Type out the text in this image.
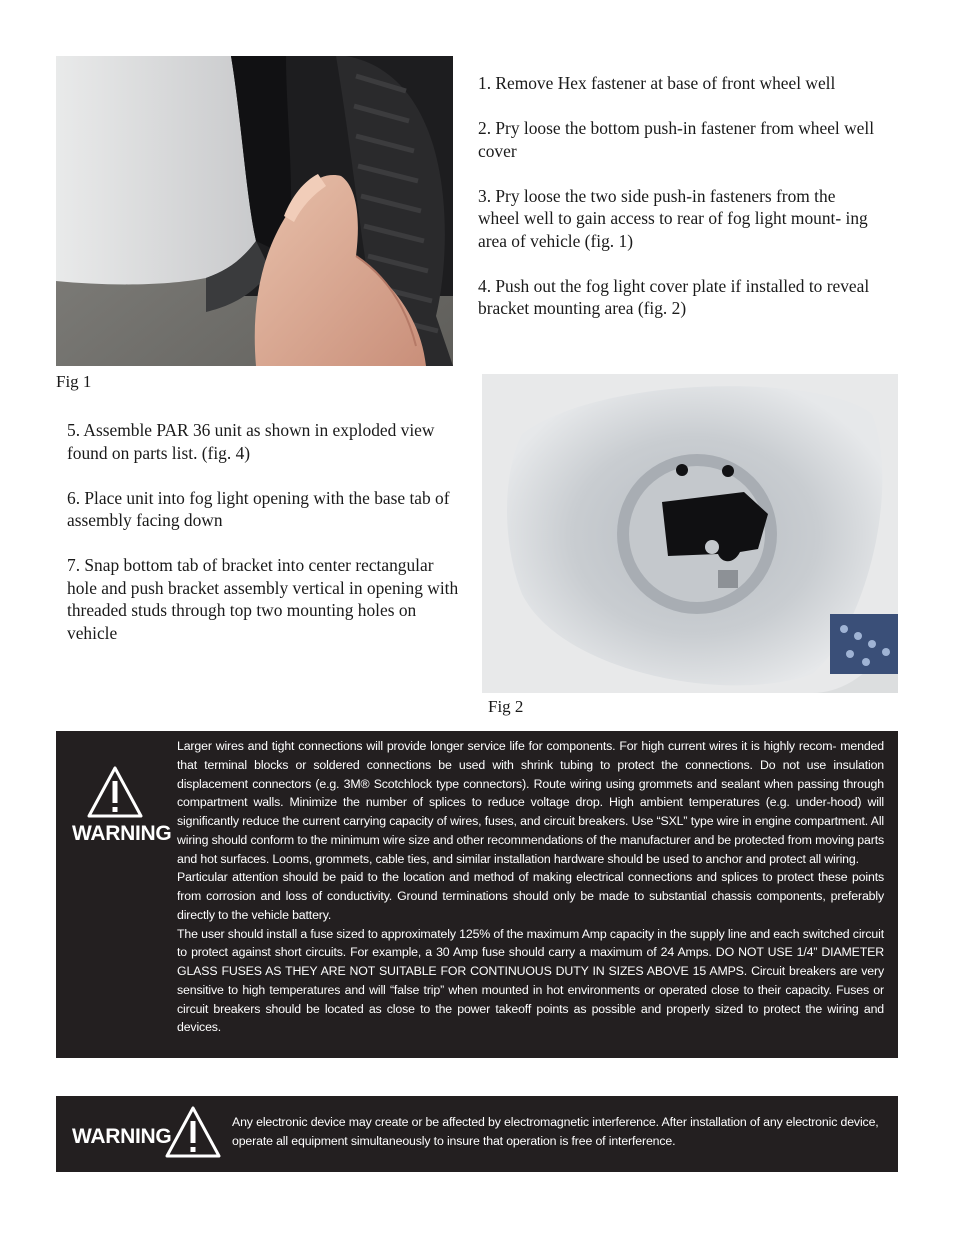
Fig 1
1. Remove Hex fastener at base of front wheel well
2. Pry loose the bottom push-in fastener from wheel well cover
3. Pry loose the two side push-in fasteners from the wheel well to gain access to rear of fog light mount- ing area of vehicle (fig. 1)
4. Push out the fog light cover plate if installed to reveal bracket mounting area (fig. 2)
5. Assemble PAR 36 unit as shown in exploded view found on parts list. (fig. 4)
6. Place unit into fog light opening with the base tab of assembly facing down
7. Snap bottom tab of bracket into center rectangular hole and push bracket assembly vertical in opening with threaded studs through top two mounting holes on vehicle
Fig 2
WARNING

Larger wires and tight connections will provide longer service life for components. For high current wires it is highly recom- mended that terminal blocks or soldered connections be used with shrink tubing to protect the connections. Do not use insulation displacement connectors (e.g. 3M® Scotchlock type connectors). Route wiring using grommets and sealant when passing through compartment walls. Minimize the number of splices to reduce voltage drop. High ambient temperatures (e.g. under-hood) will significantly reduce the current carrying capacity of wires, fuses, and circuit breakers. Use “SXL” type wire in engine compartment. All wiring should conform to the minimum wire size and other recommendations of the manufacturer and be protected from moving parts and hot surfaces. Looms, grommets, cable ties, and similar installation hardware should be used to anchor and protect all wiring.

Particular attention should be paid to the location and method of making electrical connections and splices to protect these points from corrosion and loss of conductivity. Ground terminations should only be made to substantial chassis components, preferably directly to the vehicle battery.

The user should install a fuse sized to approximately 125% of the maximum Amp capacity in the supply line and each switched circuit to protect against short circuits. For example, a 30 Amp fuse should carry a maximum of 24 Amps. DO NOT USE 1/4” DIAMETER GLASS FUSES AS THEY ARE NOT SUITABLE FOR CONTINUOUS DUTY IN SIZES ABOVE 15 AMPS. Circuit breakers are very sensitive to high temperatures and will “false trip” when mounted in hot environments or operated close to their capacity. Fuses or circuit breakers should be located as close to the power takeoff points as possible and properly sized to protect the wiring and devices.

WARNING
Any electronic device may create or be affected by electromagnetic interference. After installation of any electronic device, operate all equipment simultaneously to insure that operation is free of interference.
